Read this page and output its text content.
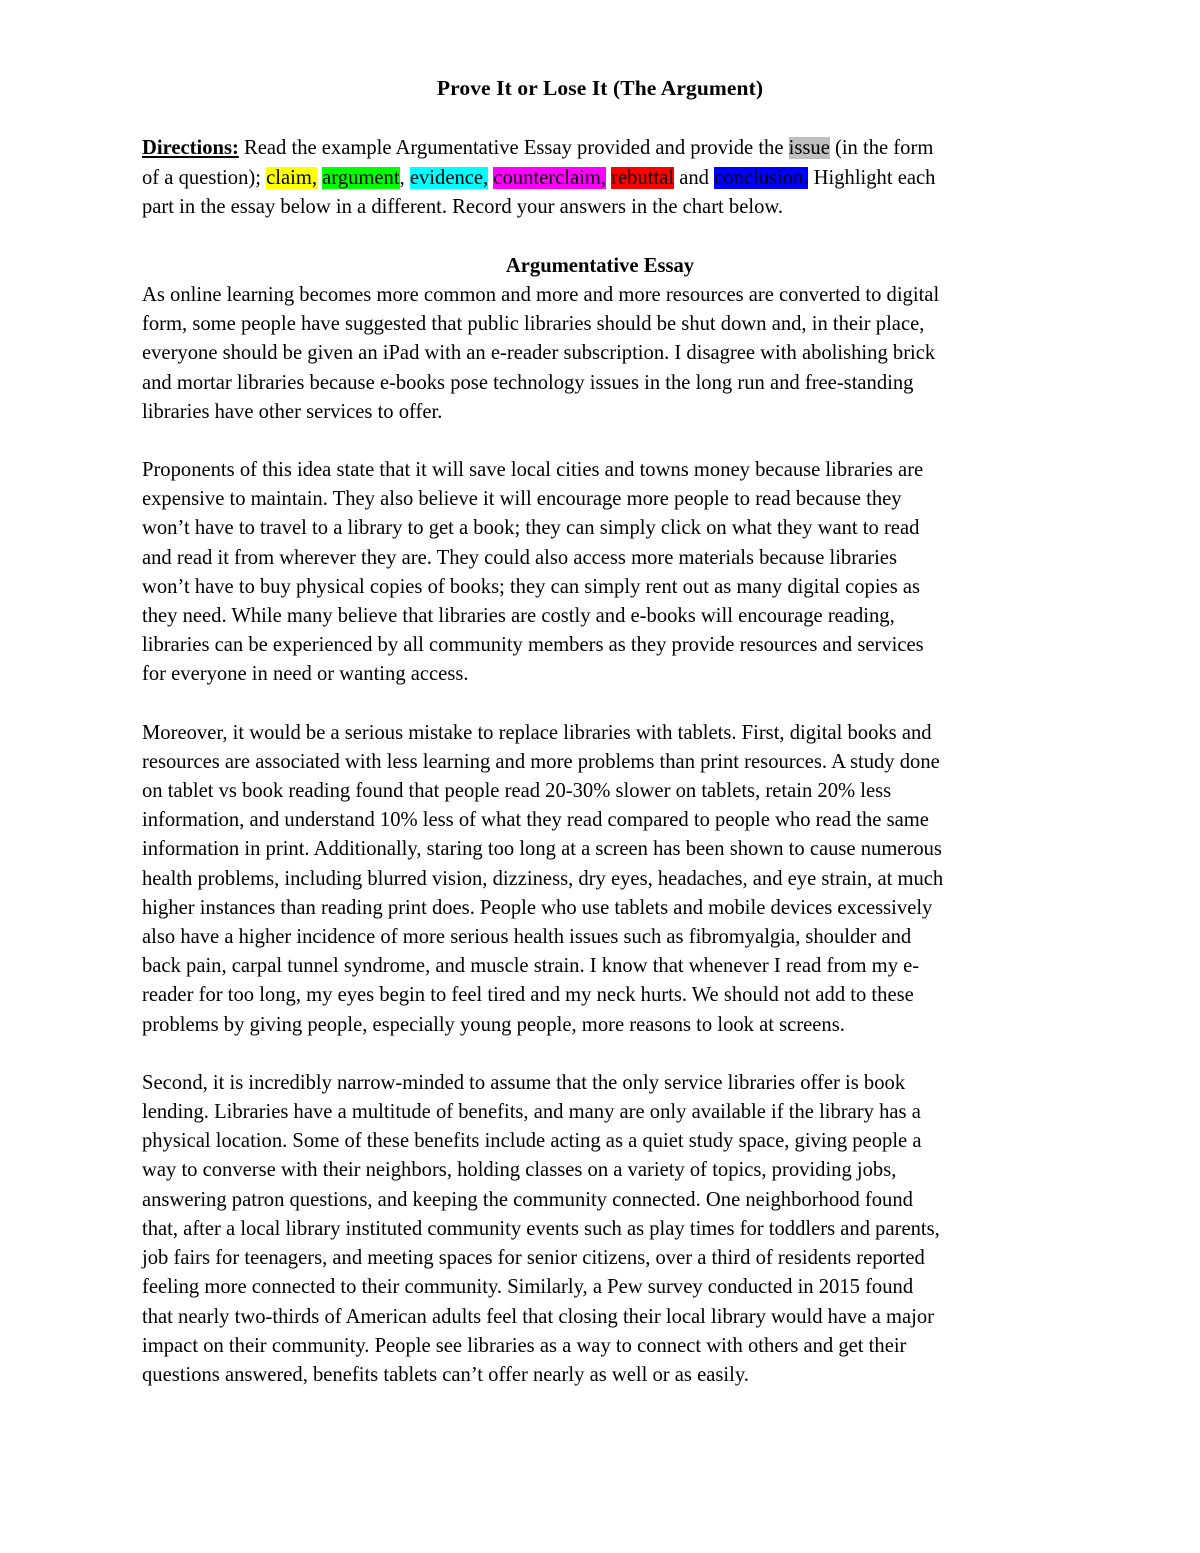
Prove It or Lose It (The Argument)
Directions: Read the example Argumentative Essay provided and provide the issue (in the form
of a question); claim, argument, evidence, counterclaim, rebuttal and conclusion. Highlight each
part in the essay below in a different. Record your answers in the chart below.
Argumentative Essay
As online learning becomes more common and more and more resources are converted to digital
form, some people have suggested that public libraries should be shut down and, in their place,
everyone should be given an iPad with an e-reader subscription. I disagree with abolishing brick
and mortar libraries because e-books pose technology issues in the long run and free-standing
libraries have other services to offer.
Proponents of this idea state that it will save local cities and towns money because libraries are
expensive to maintain. They also believe it will encourage more people to read because they
won’t have to travel to a library to get a book; they can simply click on what they want to read
and read it from wherever they are. They could also access more materials because libraries
won’t have to buy physical copies of books; they can simply rent out as many digital copies as
they need. While many believe that libraries are costly and e-books will encourage reading,
libraries can be experienced by all community members as they provide resources and services
for everyone in need or wanting access.
Moreover, it would be a serious mistake to replace libraries with tablets. First, digital books and
resources are associated with less learning and more problems than print resources. A study done
on tablet vs book reading found that people read 20-30% slower on tablets, retain 20% less
information, and understand 10% less of what they read compared to people who read the same
information in print. Additionally, staring too long at a screen has been shown to cause numerous
health problems, including blurred vision, dizziness, dry eyes, headaches, and eye strain, at much
higher instances than reading print does. People who use tablets and mobile devices excessively
also have a higher incidence of more serious health issues such as fibromyalgia, shoulder and
back pain, carpal tunnel syndrome, and muscle strain. I know that whenever I read from my e-
reader for too long, my eyes begin to feel tired and my neck hurts. We should not add to these
problems by giving people, especially young people, more reasons to look at screens.
Second, it is incredibly narrow-minded to assume that the only service libraries offer is book
lending. Libraries have a multitude of benefits, and many are only available if the library has a
physical location. Some of these benefits include acting as a quiet study space, giving people a
way to converse with their neighbors, holding classes on a variety of topics, providing jobs,
answering patron questions, and keeping the community connected. One neighborhood found
that, after a local library instituted community events such as play times for toddlers and parents,
job fairs for teenagers, and meeting spaces for senior citizens, over a third of residents reported
feeling more connected to their community. Similarly, a Pew survey conducted in 2015 found
that nearly two-thirds of American adults feel that closing their local library would have a major
impact on their community. People see libraries as a way to connect with others and get their
questions answered, benefits tablets can’t offer nearly as well or as easily.
